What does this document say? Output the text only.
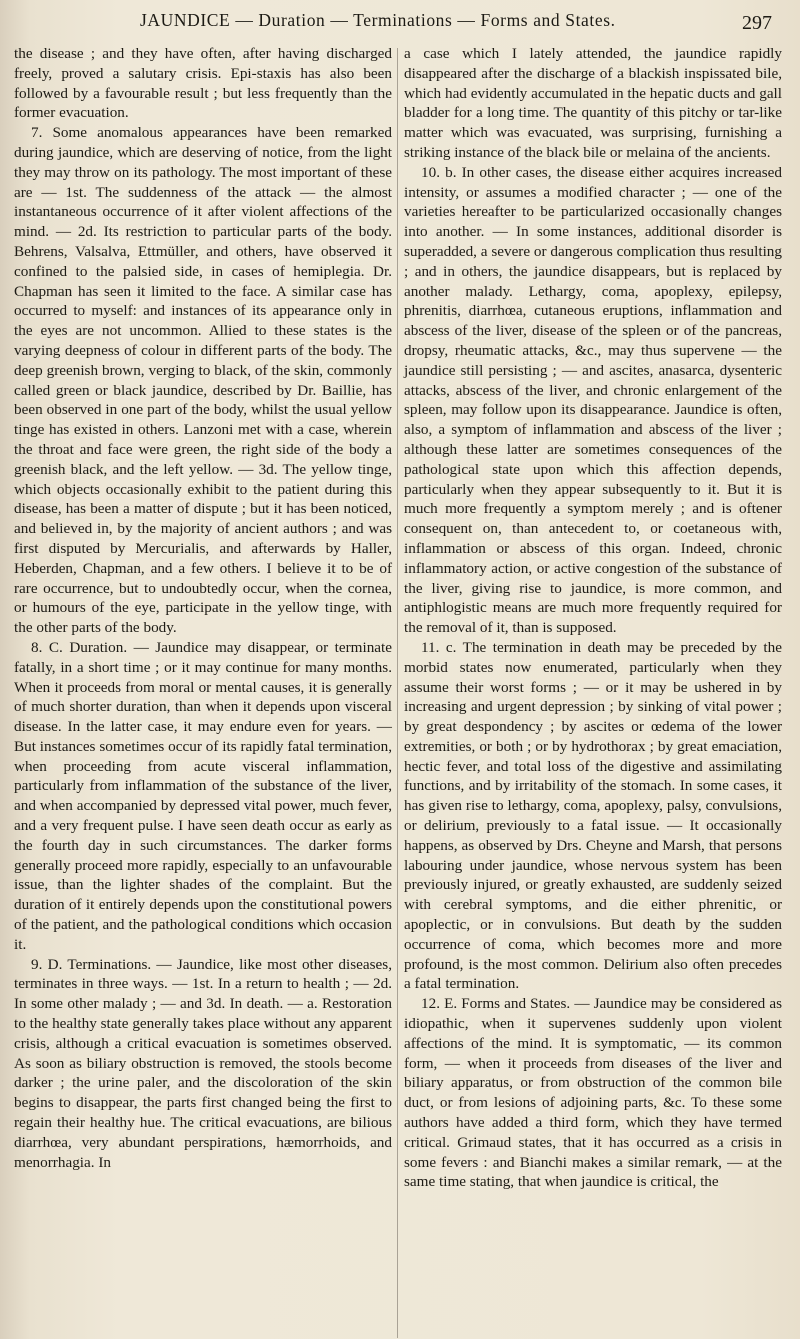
JAUNDICE — Duration — Terminations — Forms and States.	297

the disease ; and they have often, after having discharged freely, proved a salutary crisis. Epi-staxis has also been followed by a favourable result ; but less frequently than the former evacuation.

7. Some anomalous appearances have been remarked during jaundice, which are deserving of notice, from the light they may throw on its pathology. The most important of these are — 1st. The suddenness of the attack — the almost instantaneous occurrence of it after violent affections of the mind. — 2d. Its restriction to particular parts of the body. Behrens, Valsalva, Ettmüller, and others, have observed it confined to the palsied side, in cases of hemiplegia. Dr. Chapman has seen it limited to the face. A similar case has occurred to myself: and instances of its appearance only in the eyes are not uncommon. Allied to these states is the varying deepness of colour in different parts of the body. The deep greenish brown, verging to black, of the skin, commonly called green or black jaundice, described by Dr. Baillie, has been observed in one part of the body, whilst the usual yellow tinge has existed in others. Lanzoni met with a case, wherein the throat and face were green, the right side of the body a greenish black, and the left yellow. — 3d. The yellow tinge, which objects occasionally exhibit to the patient during this disease, has been a matter of dispute ; but it has been noticed, and believed in, by the majority of ancient authors ; and was first disputed by Mercurialis, and afterwards by Haller, Heberden, Chapman, and a few others. I believe it to be of rare occurrence, but to undoubtedly occur, when the cornea, or humours of the eye, participate in the yellow tinge, with the other parts of the body.

8. C. Duration. — Jaundice may disappear, or terminate fatally, in a short time ; or it may continue for many months. When it proceeds from moral or mental causes, it is generally of much shorter duration, than when it depends upon visceral disease. In the latter case, it may endure even for years. — But instances sometimes occur of its rapidly fatal termination, when proceeding from acute visceral inflammation, particularly from inflammation of the substance of the liver, and when accompanied by depressed vital power, much fever, and a very frequent pulse. I have seen death occur as early as the fourth day in such circumstances. The darker forms generally proceed more rapidly, especially to an unfavourable issue, than the lighter shades of the complaint. But the duration of it entirely depends upon the constitutional powers of the patient, and the pathological conditions which occasion it.

9. D. Terminations. — Jaundice, like most other diseases, terminates in three ways. — 1st. In a return to health ; — 2d. In some other malady ; — and 3d. In death. — a. Restoration to the healthy state generally takes place without any apparent crisis, although a critical evacuation is sometimes observed. As soon as biliary obstruction is removed, the stools become darker ; the urine paler, and the discoloration of the skin begins to disappear, the parts first changed being the first to regain their healthy hue. The critical evacuations, are bilious diarrhœa, very abundant perspirations, hæmorrhoids, and menorrhagia. In

a case which I lately attended, the jaundice rapidly disappeared after the discharge of a blackish inspissated bile, which had evidently accumulated in the hepatic ducts and gall bladder for a long time. The quantity of this pitchy or tar-like matter which was evacuated, was surprising, furnishing a striking instance of the black bile or melaina of the ancients.

10. b. In other cases, the disease either acquires increased intensity, or assumes a modified character ; — one of the varieties hereafter to be particularized occasionally changes into another. — In some instances, additional disorder is superadded, a severe or dangerous complication thus resulting ; and in others, the jaundice disappears, but is replaced by another malady. Lethargy, coma, apoplexy, epilepsy, phrenitis, diarrhœa, cutaneous eruptions, inflammation and abscess of the liver, disease of the spleen or of the pancreas, dropsy, rheumatic attacks, &c., may thus supervene — the jaundice still persisting ; — and ascites, anasarca, dysenteric attacks, abscess of the liver, and chronic enlargement of the spleen, may follow upon its disappearance. Jaundice is often, also, a symptom of inflammation and abscess of the liver ; although these latter are sometimes consequences of the pathological state upon which this affection depends, particularly when they appear subsequently to it. But it is much more frequently a symptom merely ; and is oftener consequent on, than antecedent to, or coetaneous with, inflammation or abscess of this organ. Indeed, chronic inflammatory action, or active congestion of the substance of the liver, giving rise to jaundice, is more common, and antiphlogistic means are much more frequently required for the removal of it, than is supposed.

11. c. The termination in death may be preceded by the morbid states now enumerated, particularly when they assume their worst forms ; — or it may be ushered in by increasing and urgent depression ; by sinking of vital power ; by great despondency ; by ascites or œdema of the lower extremities, or both ; or by hydrothorax ; by great emaciation, hectic fever, and total loss of the digestive and assimilating functions, and by irritability of the stomach. In some cases, it has given rise to lethargy, coma, apoplexy, palsy, convulsions, or delirium, previously to a fatal issue. — It occasionally happens, as observed by Drs. Cheyne and Marsh, that persons labouring under jaundice, whose nervous system has been previously injured, or greatly exhausted, are suddenly seized with cerebral symptoms, and die either phrenitic, or apoplectic, or in convulsions. But death by the sudden occurrence of coma, which becomes more and more profound, is the most common. Delirium also often precedes a fatal termination.

12. E. Forms and States. — Jaundice may be considered as idiopathic, when it supervenes suddenly upon violent affections of the mind. It is symptomatic, — its common form, — when it proceeds from diseases of the liver and biliary apparatus, or from obstruction of the common bile duct, or from lesions of adjoining parts, &c. To these some authors have added a third form, which they have termed critical. Grimaud states, that it has occurred as a crisis in some fevers : and Bianchi makes a similar remark, — at the same time stating, that when jaundice is critical, the
